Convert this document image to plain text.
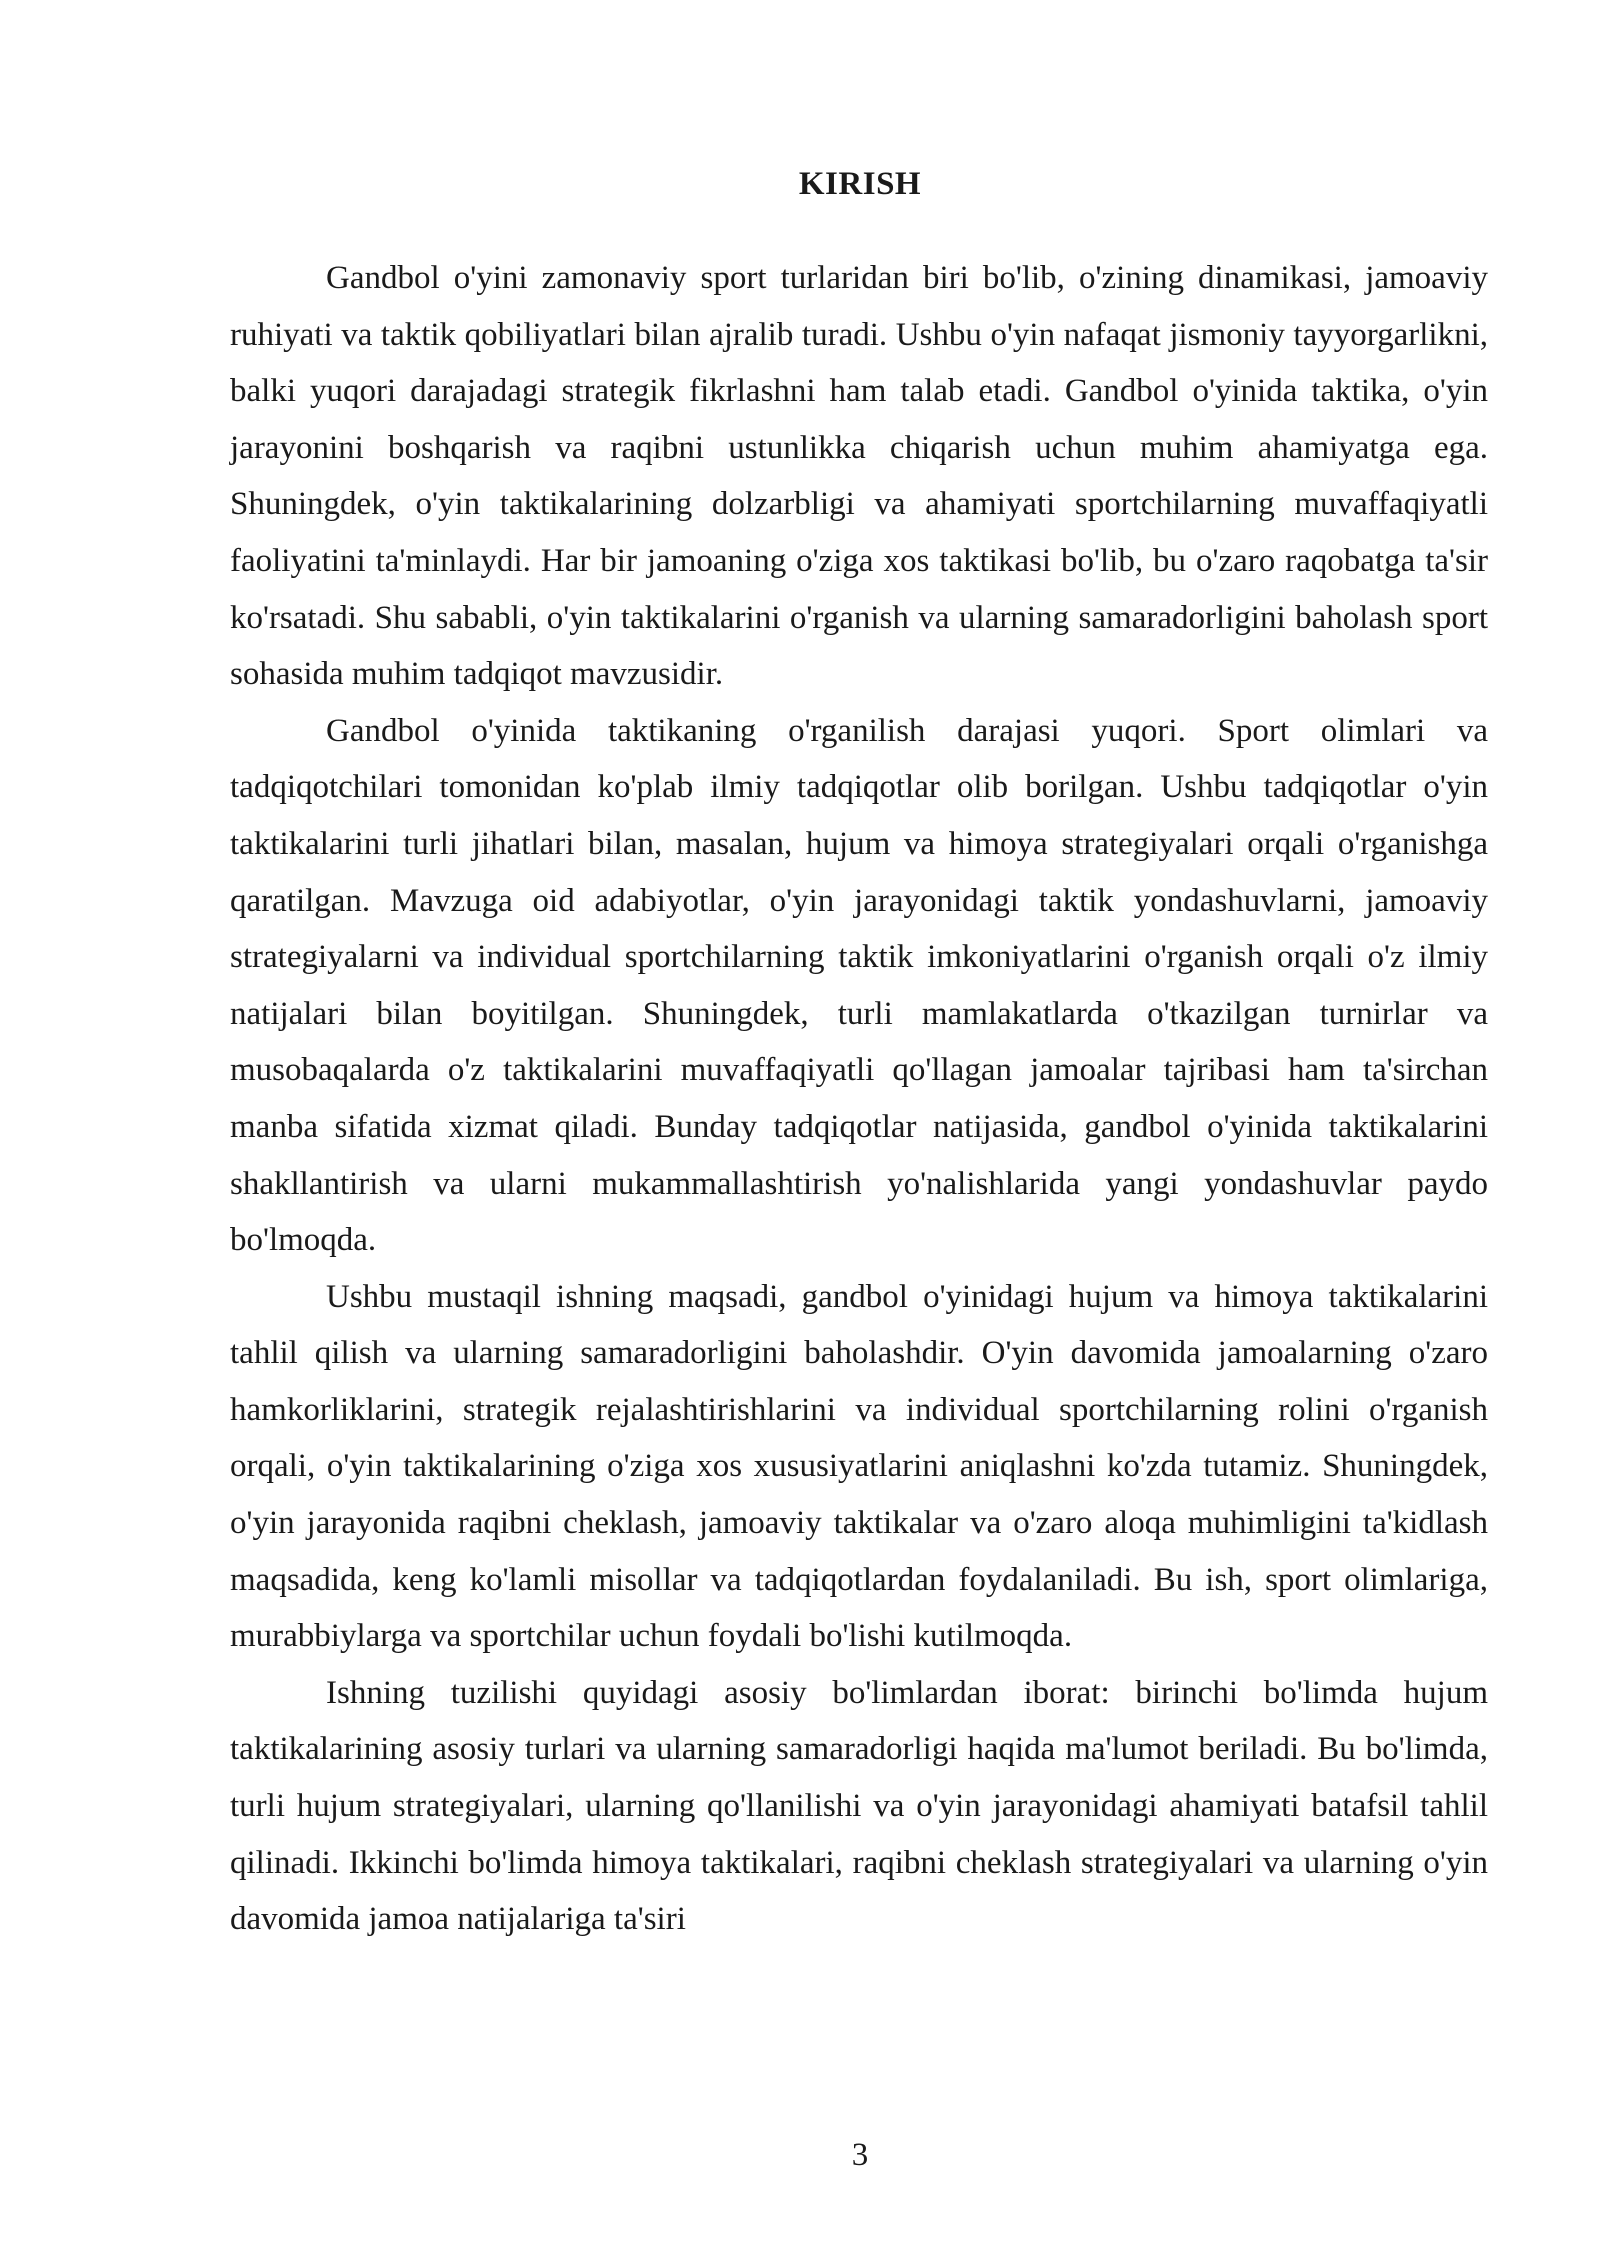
KIRISH

Gandbol o'yini zamonaviy sport turlaridan biri bo'lib, o'zining dinamikasi, jamoaviy ruhiyati va taktik qobiliyatlari bilan ajralib turadi. Ushbu o'yin nafaqat jismoniy tayyorgarlikni, balki yuqori darajadagi strategik fikrlashni ham talab etadi. Gandbol o'yinida taktika, o'yin jarayonini boshqarish va raqibni ustunlikka chiqarish uchun muhim ahamiyatga ega. Shuningdek, o'yin taktikalarining dolzarbligi va ahamiyati sportchilarning muvaffaqiyatli faoliyatini ta'minlaydi. Har bir jamoaning o'ziga xos taktikasi bo'lib, bu o'zaro raqobatga ta'sir ko'rsatadi. Shu sababli, o'yin taktikalarini o'rganish va ularning samaradorligini baholash sport sohasida muhim tadqiqot mavzusidir.

Gandbol o'yinida taktikaning o'rganilish darajasi yuqori. Sport olimlari va tadqiqotchilari tomonidan ko'plab ilmiy tadqiqotlar olib borilgan. Ushbu tadqiqotlar o'yin taktikalarini turli jihatlari bilan, masalan, hujum va himoya strategiyalari orqali o'rganishga qaratilgan. Mavzuga oid adabiyotlar, o'yin jarayonidagi taktik yondashuvlarni, jamoaviy strategiyalarni va individual sportchilarning taktik imkoniyatlarini o'rganish orqali o'z ilmiy natijalari bilan boyitilgan. Shuningdek, turli mamlakatlarda o'tkazilgan turnirlar va musobaqalarda o'z taktikalarini muvaffaqiyatli qo'llagan jamoalar tajribasi ham ta'sirchan manba sifatida xizmat qiladi. Bunday tadqiqotlar natijasida, gandbol o'yinida taktikalarini shakllantirish va ularni mukammallashtirish yo'nalishlarida yangi yondashuvlar paydo bo'lmoqda.

Ushbu mustaqil ishning maqsadi, gandbol o'yinidagi hujum va himoya taktikalarini tahlil qilish va ularning samaradorligini baholashdir. O'yin davomida jamoalarning o'zaro hamkorliklarini, strategik rejalashtirishlarini va individual sportchilarning rolini o'rganish orqali, o'yin taktikalarining o'ziga xos xususiyatlarini aniqlashni ko'zda tutamiz. Shuningdek, o'yin jarayonida raqibni cheklash, jamoaviy taktikalar va o'zaro aloqa muhimligini ta'kidlash maqsadida, keng ko'lamli misollar va tadqiqotlardan foydalaniladi. Bu ish, sport olimlariga, murabbiylarga va sportchilar uchun foydali bo'lishi kutilmoqda.

Ishning tuzilishi quyidagi asosiy bo'limlardan iborat: birinchi bo'limda hujum taktikalarining asosiy turlari va ularning samaradorligi haqida ma'lumot beriladi. Bu bo'limda, turli hujum strategiyalari, ularning qo'llanilishi va o'yin jarayonidagi ahamiyati batafsil tahlil qilinadi. Ikkinchi bo'limda himoya taktikalari, raqibni cheklash strategiyalari va ularning o'yin davomida jamoa natijalariga ta'siri

3
